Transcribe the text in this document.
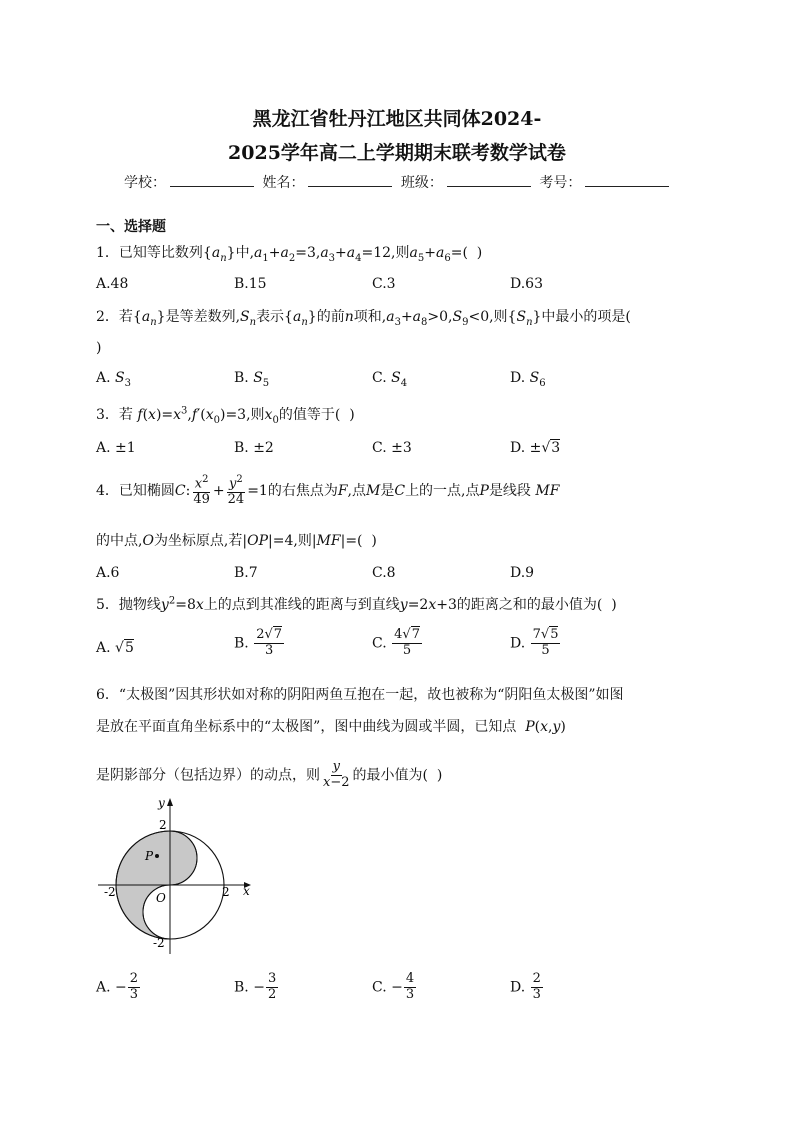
黑龙江省牡丹江地区共同体2024-
2025学年高二上学期期末联考数学试卷
学校：	姓名：	班级：	考号：
一、选择题
1．已知等比数列$\{a_n\}$中$,a_1+a_2=3,a_3+a_4=12$,则$a_5+a_6=$(  )
A.48	B.15	C.3	D.63
2．若$\{a_n\}$是等差数列$,S_n$表示$\{a_n\}$的前n项和$,a_3+a_8>0,S_9<0$,则$\{S_n\}$中最小的项是(
)
A. $S_3$	B. $S_5$	C. $S_4$	D. $S_6$
3．若 $f(x)=x^3,f'(x_0)=3$,则$x_0$的值等于(  )
A. ±1	B. ±2	C. ±3	D. ±√3
4．已知椭圆C: $\frac{x^2}{49} + \frac{y^2}{24} =1$的右焦点为F,点M是C上的一点,点P是线段 MF
的中点,O为坐标原点,若|OP|=4,则|MF|=(  )
A.6	B.7	C.8	D.9
5．抛物线$y^2=8x$上的点到其准线的距离与到直线y=2x+3的距离之和的最小值为(  )
A. √5	B. $\frac{2√7}{3}$	C. $\frac{4√7}{5}$	D. $\frac{7√5}{5}$
6．“太极图”因其形状如对称的阴阳两鱼互抱在一起，故也被称为“阴阳鱼太极图”如图
是放在平面直角坐标系中的“太极图”，图中曲线为圆或半圆，已知点 P(x,y)
是阴影部分（包括边界）的动点，则 $\frac{y}{x-2}$ 的最小值为(  )
y
x
O
P
2
-2
-2	2
A. − $\frac{2}{3}$	B. − $\frac{3}{2}$	C. − $\frac{4}{3}$	D. $\frac{2}{3}$
